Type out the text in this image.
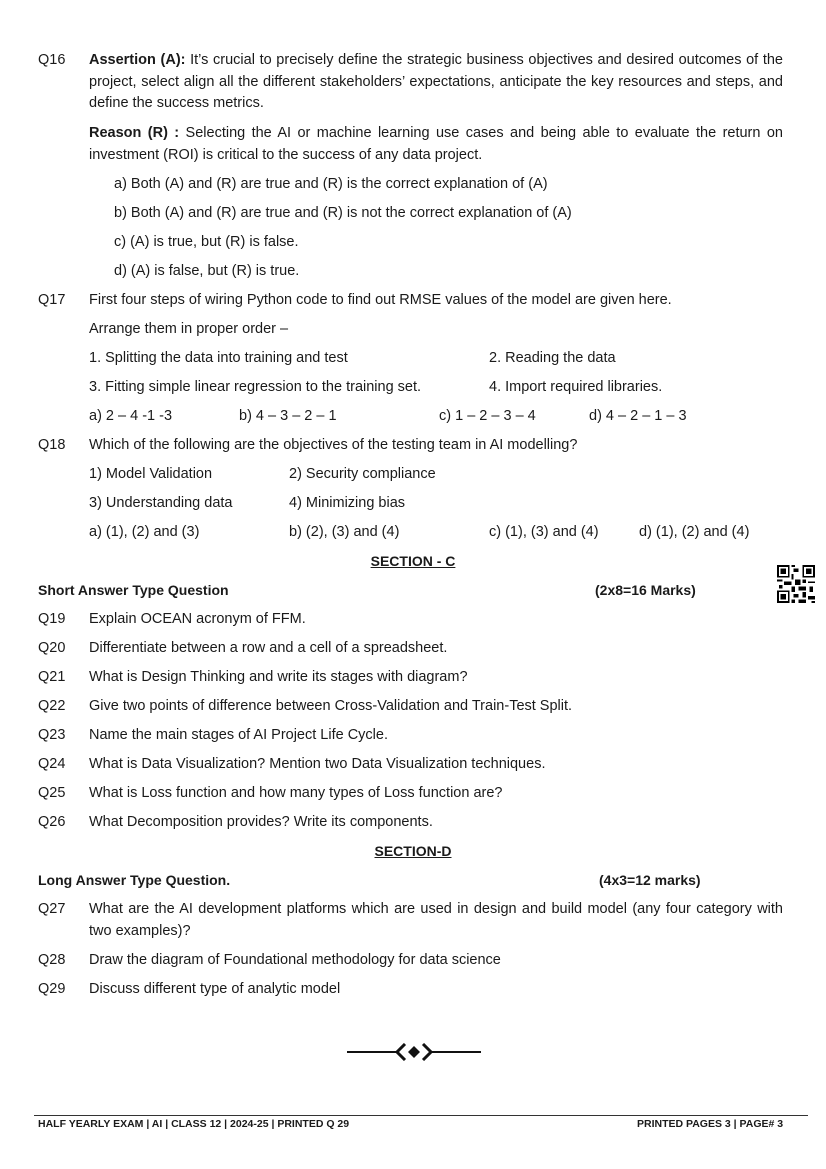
Q16 Assertion (A): It’s crucial to precisely define the strategic business objectives and desired outcomes of the project, select align all the different stakeholders’ expectations, anticipate the key resources and steps, and define the success metrics.
Reason (R) : Selecting the AI or machine learning use cases and being able to evaluate the return on investment (ROI) is critical to the success of any data project.
a) Both (A) and (R) are true and (R) is the correct explanation of (A)
b) Both (A) and (R) are true and (R) is not the correct explanation of (A)
c) (A) is true, but (R) is false.
d) (A) is false, but (R) is true.
Q17 First four steps of wiring Python code to find out RMSE values of the model are given here.
Arrange them in proper order –
1. Splitting the data into training and test	2. Reading the data
3. Fitting simple linear regression to the training set.	4. Import required libraries.
a) 2 – 4 -1 -3	b) 4 – 3 – 2 – 1	c) 1 – 2 – 3 – 4	d) 4 – 2 – 1 – 3
Q18 Which of the following are the objectives of the testing team in AI modelling?
1) Model Validation	2) Security compliance
3) Understanding data	4) Minimizing bias
a) (1), (2) and (3)	b) (2), (3) and (4)	c) (1), (3) and (4)	d) (1), (2) and (4)
SECTION - C
Short Answer Type Question	(2x8=16 Marks)
Q19 Explain OCEAN acronym of FFM.
Q20 Differentiate between a row and a cell of a spreadsheet.
Q21 What is Design Thinking and write its stages with diagram?
Q22 Give two points of difference between Cross-Validation and Train-Test Split.
Q23 Name the main stages of AI Project Life Cycle.
Q24 What is Data Visualization? Mention two Data Visualization techniques.
Q25 What is Loss function and how many types of Loss function are?
Q26 What Decomposition provides? Write its components.
SECTION-D
Long Answer Type Question.	(4x3=12 marks)
Q27 What are the AI development platforms which are used in design and build model (any four category with two examples)?
Q28 Draw the diagram of Foundational methodology for data science
Q29 Discuss different type of analytic model
HALF YEARLY EXAM | AI | CLASS 12 | 2024-25 | PRINTED Q 29	PRINTED PAGES 3 | PAGE# 3
